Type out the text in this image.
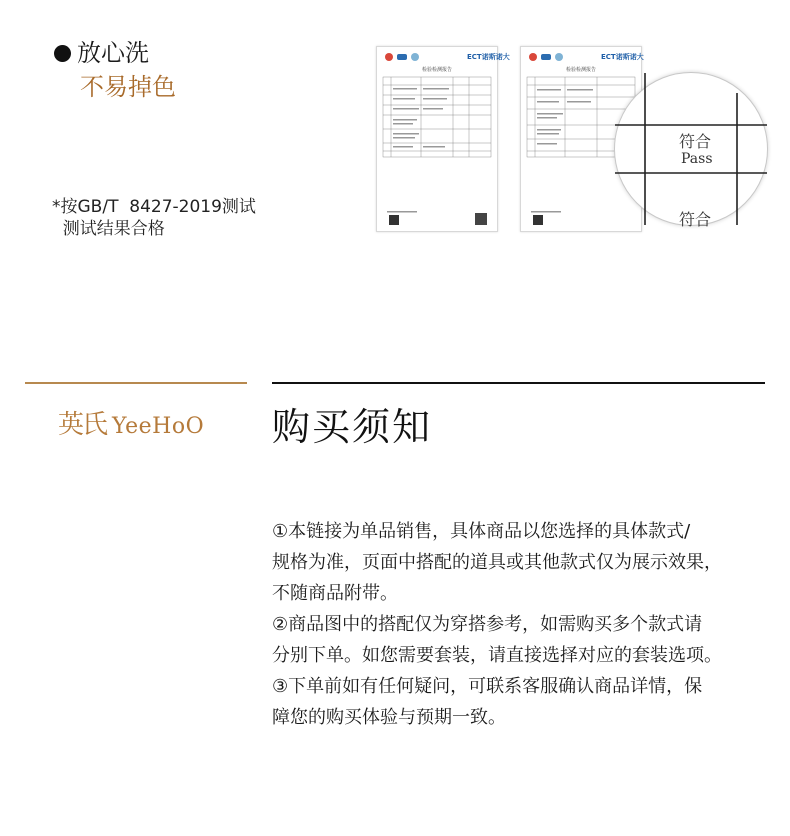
放心洗
不易掉色
*按GB/T  8427-2019测试
测试结果合格
ECT诺斯诺大
检验检测报告
ECT诺斯诺大
检验检测报告
符合
Pass
符合
英氏 YeeHoO 购买须知

①本链接为单品销售，具体商品以您选择的具体款式/

规格为准，页面中搭配的道具或其他款式仅为展示效果，

不随商品附带。

②商品图中的搭配仅为穿搭参考，如需购买多个款式请

分别下单。如您需要套装，请直接选择对应的套装选项。

③下单前如有任何疑问，可联系客服确认商品详情，保

障您的购买体验与预期一致。
